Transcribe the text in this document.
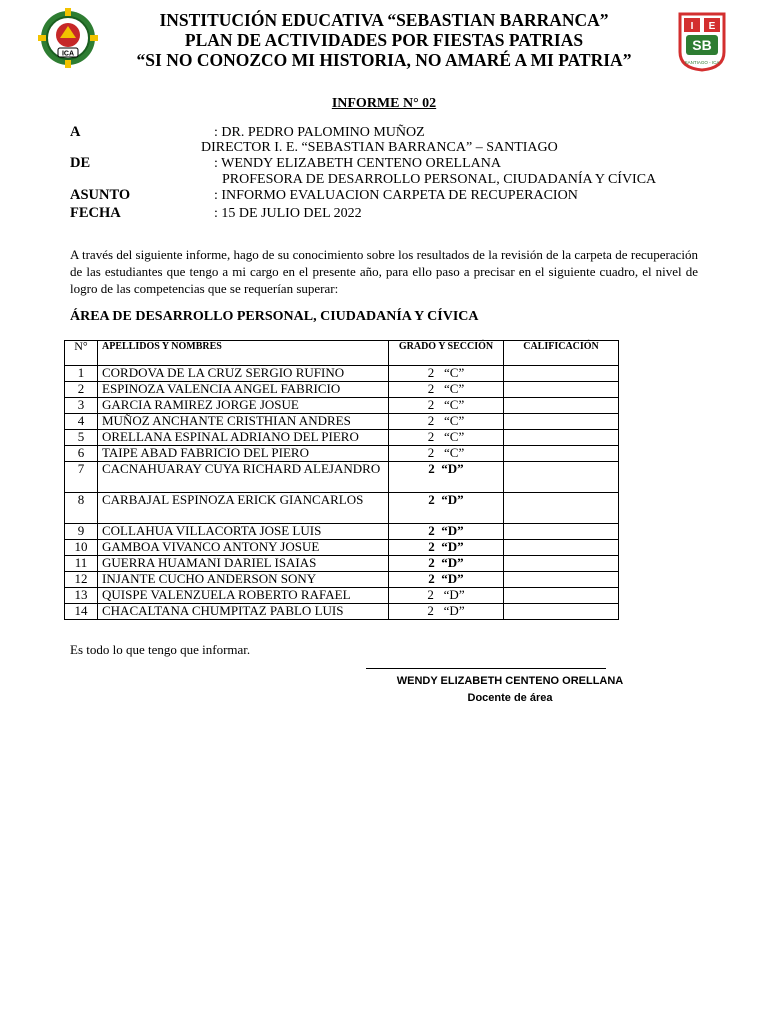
ICA
I E
SB
SANTIAGO - ICA
INSTITUCIÓN EDUCATIVA “SEBASTIAN BARRANCA”
PLAN DE ACTIVIDADES POR FIESTAS PATRIAS
“SI NO CONOZCO MI HISTORIA, NO AMARÉ A MI PATRIA”
INFORME N° 02
A	: DR. PEDRO PALOMINO MUÑOZ
DIRECTOR I. E. “SEBASTIAN BARRANCA” – SANTIAGO
DE	: WENDY ELIZABETH CENTENO ORELLANA
PROFESORA DE DESARROLLO PERSONAL, CIUDADANÍA Y CÍVICA
ASUNTO	: INFORMO EVALUACION CARPETA DE RECUPERACION
FECHA	: 15 DE JULIO DEL 2022
A través del siguiente informe, hago de su conocimiento sobre los resultados de la revisión de la carpeta de recuperación de las estudiantes que tengo a mi cargo en el presente año, para ello paso a precisar en el siguiente cuadro, el nivel de logro de las competencias que se requerían superar:
ÁREA DE DESARROLLO PERSONAL, CIUDADANÍA Y CÍVICA
N°	APELLIDOS Y NOMBRES	GRADO Y SECCIÓN	CALIFICACIÓN
1	CORDOVA DE LA CRUZ SERGIO RUFINO	2   “C”	
2	ESPINOZA VALENCIA ANGEL FABRICIO	2   “C”	
3	GARCIA RAMIREZ JORGE JOSUE	2   “C”	
4	MUÑOZ ANCHANTE CRISTHIAN ANDRES	2   “C”	
5	ORELLANA ESPINAL ADRIANO DEL PIERO	2   “C”	
6	TAIPE ABAD FABRICIO DEL PIERO	2   “C”	
7	CACNAHUARAY CUYA RICHARD ALEJANDRO	2  “D”	
8	CARBAJAL ESPINOZA ERICK GIANCARLOS	2  “D”	
9	COLLAHUA VILLACORTA JOSE LUIS	2  “D”	
10	GAMBOA VIVANCO ANTONY JOSUE	2  “D”	
11	GUERRA HUAMANI DARIEL ISAIAS	2  “D”	
12	INJANTE CUCHO ANDERSON SONY	2  “D”	
13	QUISPE VALENZUELA ROBERTO RAFAEL	2   “D”	
14	CHACALTANA CHUMPITAZ PABLO LUIS	2   “D”	
Es todo lo que tengo que informar.
WENDY ELIZABETH CENTENO ORELLANA
Docente de área
